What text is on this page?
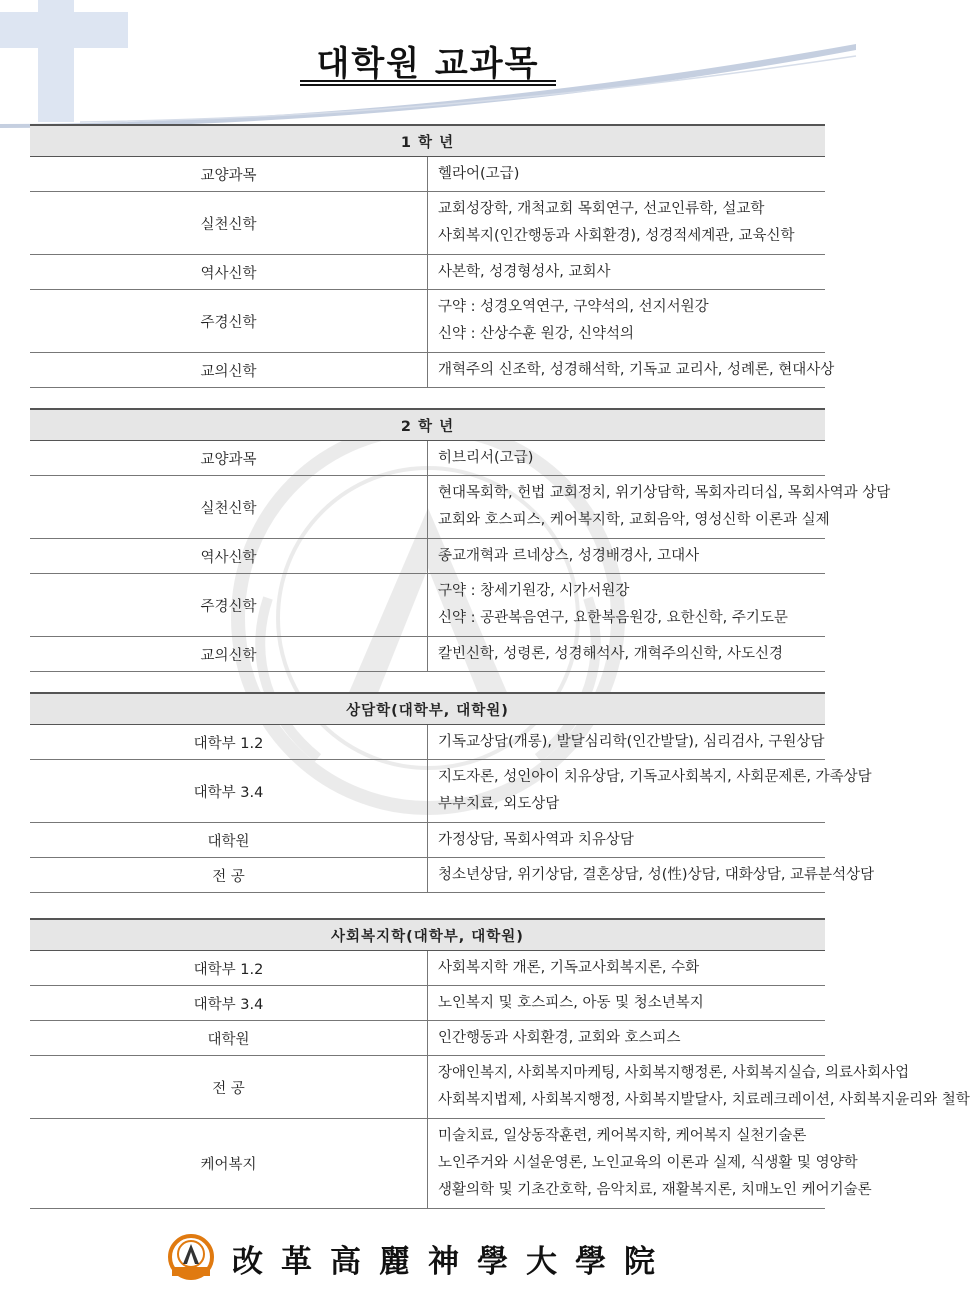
대학원 교과목
1 학 년	
교양과목	헬라어(고급)

실천신학	교회성장학, 개척교회 목회연구, 선교인류학, 설교학
사회복지(인간행동과 사회환경), 성경적세계관, 교육신학

역사신학	사본학, 성경형성사, 교회사

주경신학	구약 : 성경오역연구, 구약석의, 선지서원강
신약 : 산상수훈 원강, 신약석의

교의신학	개혁주의 신조학, 성경해석학, 기독교 교리사, 성례론, 현대사상
2 학 년	
교양과목	히브리서(고급)

실천신학	현대목회학, 헌법 교회정치, 위기상담학, 목회자리더십, 목회사역과 상담
교회와 호스피스, 케어복지학, 교회음악, 영성신학 이론과 실제

역사신학	종교개혁과 르네상스, 성경배경사, 고대사

주경신학	구약 : 창세기원강, 시가서원강
신약 : 공관복음연구, 요한복음원강, 요한신학, 주기도문

교의신학	칼빈신학, 성령론, 성경해석사, 개혁주의신학, 사도신경
상담학(대학부, 대학원)	
대학부 1.2	기독교상담(개롱), 발달심리학(인간발달), 심리검사, 구원상담

대학부 3.4	지도자론, 성인아이 치유상담, 기독교사회복지, 사회문제론, 가족상담
부부치료, 외도상담

대학원	가정상담, 목회사역과 치유상담

전 공	청소년상담, 위기상담, 결혼상담, 성(性)상담, 대화상담, 교류분석상담
사회복지학(대학부, 대학원)	
대학부 1.2	사회복지학 개론, 기독교사회복지론, 수화

대학부 3.4	노인복지 및 호스피스, 아동 및 청소년복지

대학원	인간행동과 사회환경, 교회와 호스피스

전 공	장애인복지, 사회복지마케팅, 사회복지행정론, 사회복지실습, 의료사회사업
사회복지법제, 사회복지행정, 사회복지발달사, 치료레크레이션, 사회복지윤리와 철학

케어복지	미술치료, 일상동작훈련, 케어복지학, 케어복지 실천기술론
노인주거와 시설운영론, 노인교육의 이론과 실제, 식생활 및 영양학
생활의학 및 기초간호학, 음악치료, 재활복지론, 치매노인 케어기술론
改革高麗神學大學院
